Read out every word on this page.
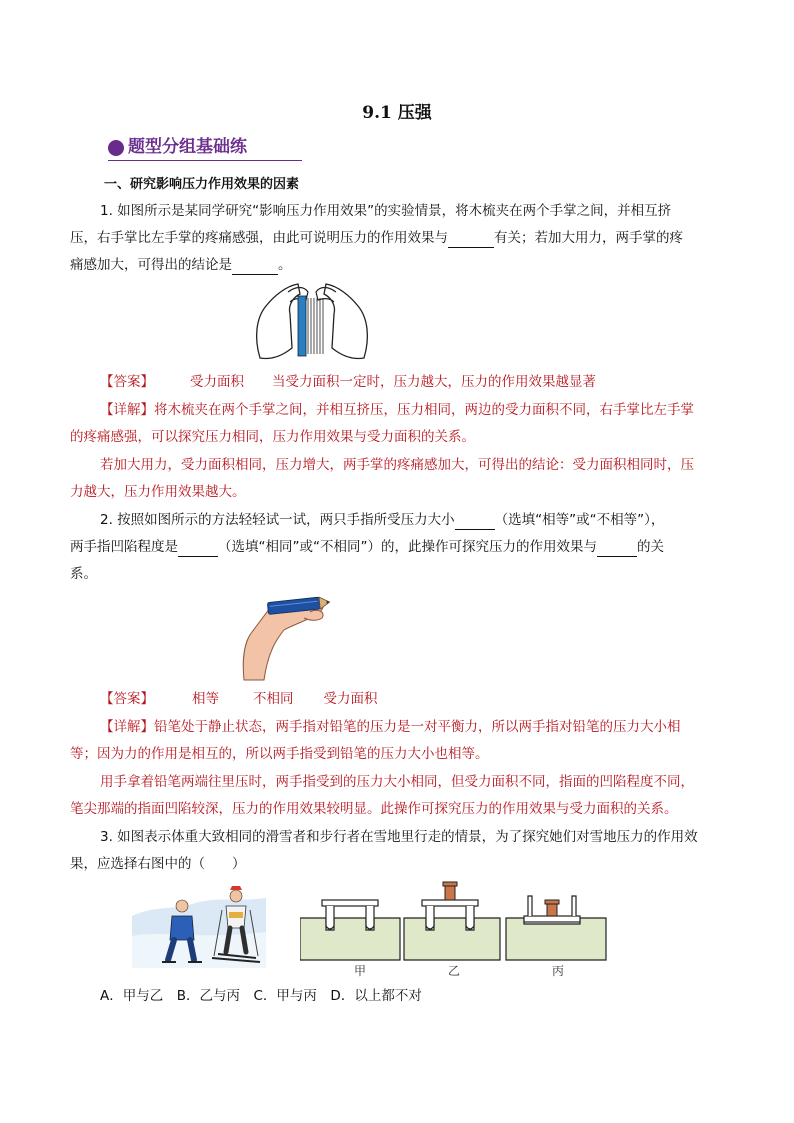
9.1 压强
题型分组基础练
一、研究影响压力作用效果的因素
1. 如图所示是某同学研究“影响压力作用效果”的实验情景，将木梳夹在两个手掌之间，并相互挤
压，右手掌比左手掌的疼痛感强，由此可说明压力的作用效果与	有关；若加大用力，两手掌的疼
痛感加大，可得出的结论是	。
【答案】	受力面积 当受力面积一定时，压力越大，压力的作用效果越显著
【详解】将木梳夹在两个手掌之间，并相互挤压，压力相同，两边的受力面积不同，右手掌比左手掌
的疼痛感强，可以探究压力相同，压力作用效果与受力面积的关系。
若加大用力，受力面积相同，压力增大，两手掌的疼痛感加大，可得出的结论：受力面积相同时，压
力越大，压力作用效果越大。
2. 按照如图所示的方法轻轻试一试，两只手指所受压力大小	（选填“相等”或“不相等”），
两手指凹陷程度是	（选填“相同”或“不相同”）的，此操作可探究压力的作用效果与	的关
系。
【答案】	相等	不相同 受力面积
【详解】铅笔处于静止状态，两手指对铅笔的压力是一对平衡力，所以两手指对铅笔的压力大小相
等；因为力的作用是相互的，所以两手指受到铅笔的压力大小也相等。
用手拿着铅笔两端往里压时，两手指受到的压力大小相同，但受力面积不同，指面的凹陷程度不同，
笔尖那端的指面凹陷较深，压力的作用效果较明显。此操作可探究压力的作用效果与受力面积的关系。
3. 如图表示体重大致相同的滑雪者和步行者在雪地里行走的情景，为了探究她们对雪地压力的作用效
果，应选择右图中的（　　）
甲	乙	丙
A．甲与乙　B．乙与丙　C．甲与丙　D．以上都不对
